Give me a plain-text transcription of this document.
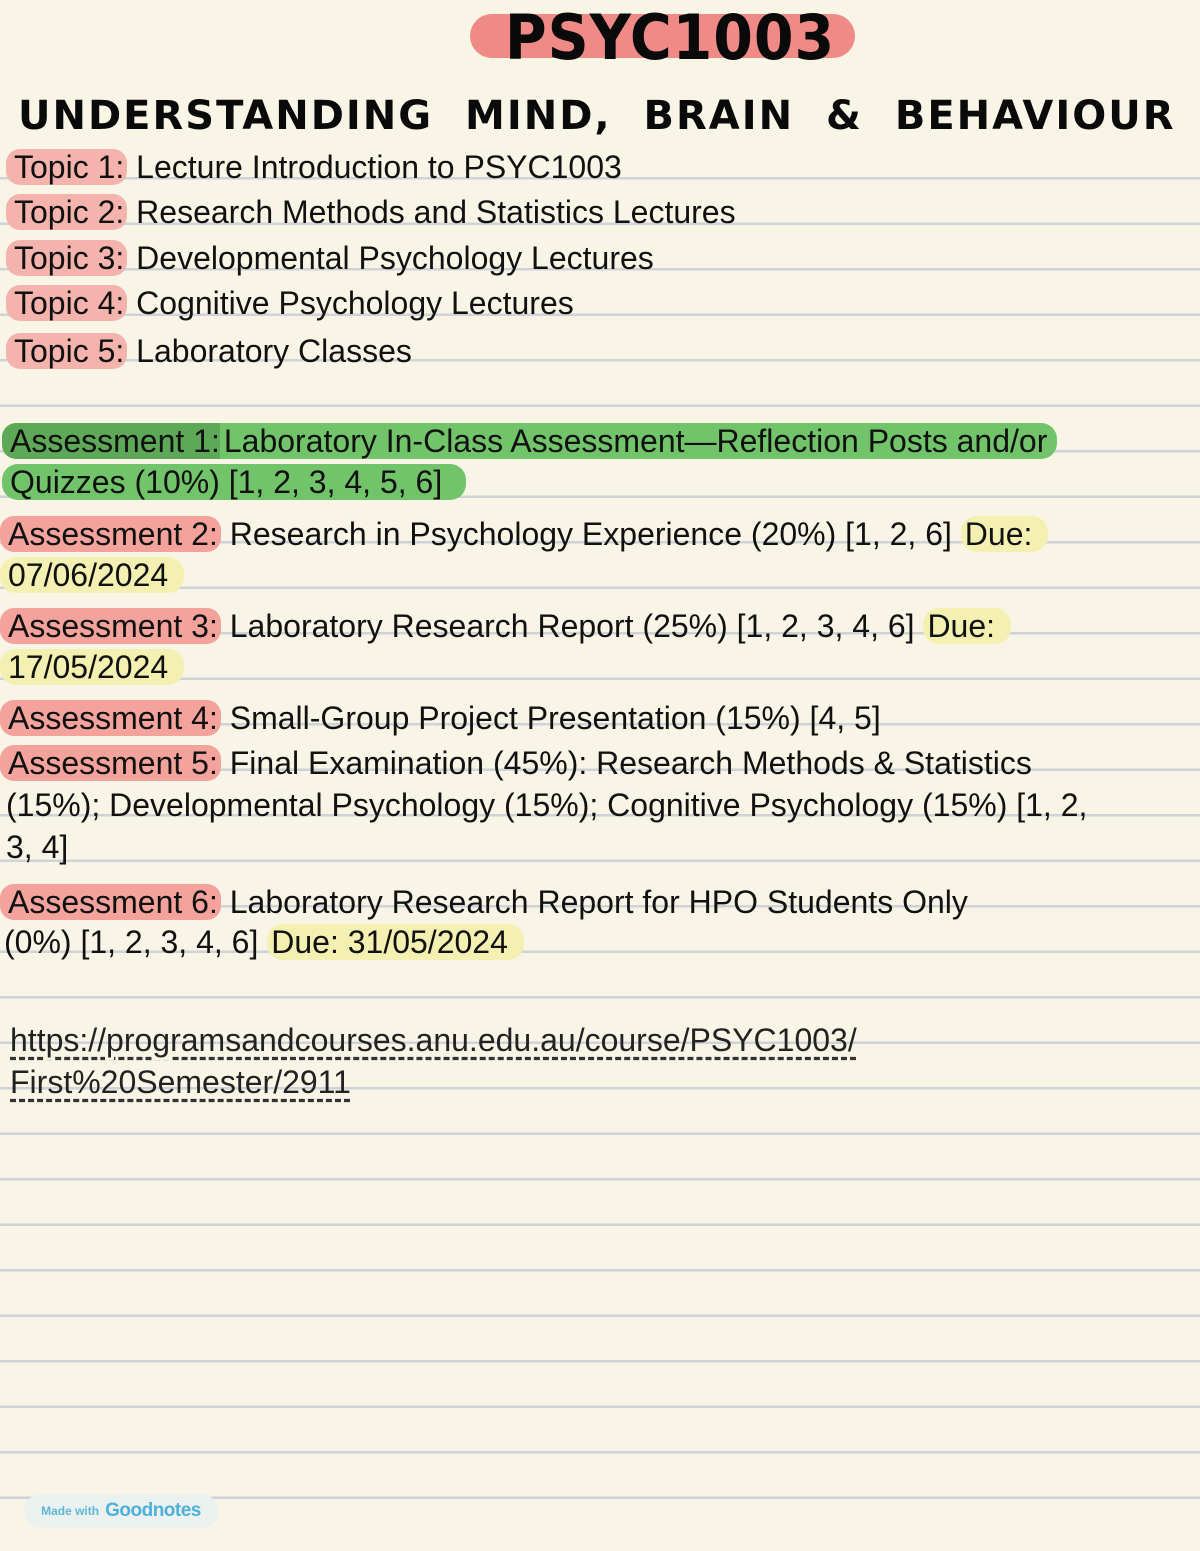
PSYC1003
UNDERSTANDING MIND, BRAIN & BEHAVIOUR
Topic 1: Lecture Introduction to PSYC1003
Topic 2: Research Methods and Statistics Lectures
Topic 3: Developmental Psychology Lectures
Topic 4: Cognitive Psychology Lectures
Topic 5: Laboratory Classes
Assessment 1: Laboratory In-Class Assessment—Reflection Posts and/or
Quizzes (10%) [1, 2, 3, 4, 5, 6]
Assessment 2: Research in Psychology Experience (20%) [1, 2, 6] Due:
07/06/2024
Assessment 3: Laboratory Research Report (25%) [1, 2, 3, 4, 6] Due:
17/05/2024
Assessment 4: Small-Group Project Presentation (15%) [4, 5]
Assessment 5: Final Examination (45%): Research Methods & Statistics
(15%); Developmental Psychology (15%); Cognitive Psychology (15%) [1, 2,
3, 4]
Assessment 6: Laboratory Research Report for HPO Students Only
(0%) [1, 2, 3, 4, 6] Due: 31/05/2024
https://programsandcourses.anu.edu.au/course/PSYC1003/
First%20Semester/2911
Made with Goodnotes
